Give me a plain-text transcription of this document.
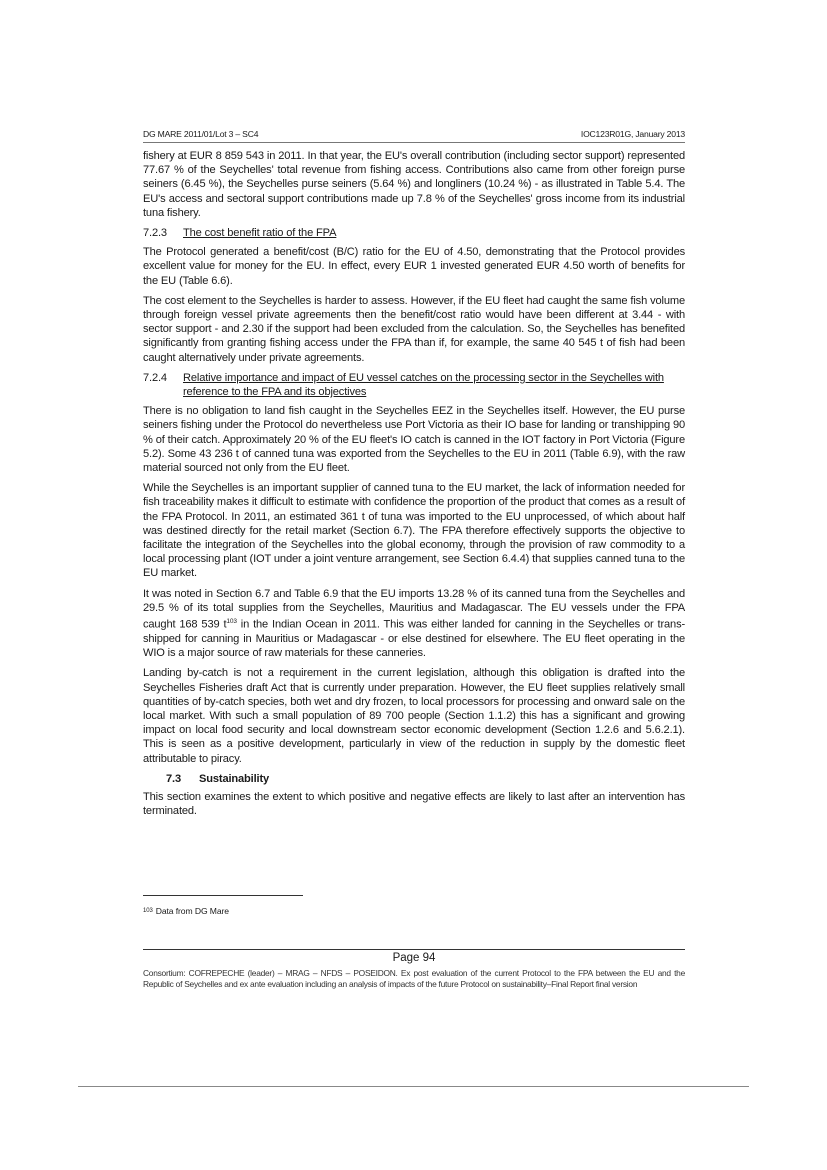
DG MARE 2011/01/Lot 3 – SC4	IOC123R01G, January 2013

fishery at EUR 8 859 543 in 2011. In that year, the EU's overall contribution (including sector support) represented 77.67 % of the Seychelles' total revenue from fishing access. Contributions also came from other foreign purse seiners (6.45 %), the Seychelles purse seiners (5.64 %) and longliners (10.24 %) - as illustrated in Table 5.4. The EU's access and sectoral support contributions made up 7.8 % of the Seychelles' gross income from its industrial tuna fishery.

7.2.3	The cost benefit ratio of the FPA

The Protocol generated a benefit/cost (B/C) ratio for the EU of 4.50, demonstrating that the Protocol provides excellent value for money for the EU. In effect, every EUR 1 invested generated EUR 4.50 worth of benefits for the EU (Table 6.6).

The cost element to the Seychelles is harder to assess. However, if the EU fleet had caught the same fish volume through foreign vessel private agreements then the benefit/cost ratio would have been different at 3.44 - with sector support - and 2.30 if the support had been excluded from the calculation. So, the Seychelles has benefited significantly from granting fishing access under the FPA than if, for example, the same 40 545 t of fish had been caught alternatively under private agreements.

7.2.4	Relative importance and impact of EU vessel catches on the processing sector in the Seychelles with reference to the FPA and its objectives

There is no obligation to land fish caught in the Seychelles EEZ in the Seychelles itself. However, the EU purse seiners fishing under the Protocol do nevertheless use Port Victoria as their IO base for landing or transhipping 90 % of their catch. Approximately 20 % of the EU fleet's IO catch is canned in the IOT factory in Port Victoria (Figure 5.2). Some 43 236 t of canned tuna was exported from the Seychelles to the EU in 2011 (Table 6.9), with the raw material sourced not only from the EU fleet.

While the Seychelles is an important supplier of canned tuna to the EU market, the lack of information needed for fish traceability makes it difficult to estimate with confidence the proportion of the product that comes as a result of the FPA Protocol. In 2011, an estimated 361 t of tuna was imported to the EU unprocessed, of which about half was destined directly for the retail market (Section 6.7). The FPA therefore effectively supports the objective to facilitate the integration of the Seychelles into the global economy, through the provision of raw commodity to a local processing plant (IOT under a joint venture arrangement, see Section 6.4.4) that supplies canned tuna to the EU market.

It was noted in Section 6.7 and Table 6.9 that the EU imports 13.28 % of its canned tuna from the Seychelles and 29.5 % of its total supplies from the Seychelles, Mauritius and Madagascar. The EU vessels under the FPA caught 168 539 $t^{103}$ in the Indian Ocean in 2011. This was either landed for canning in the Seychelles or trans-shipped for canning in Mauritius or Madagascar - or else destined for elsewhere. The EU fleet operating in the WIO is a major source of raw materials for these canneries.

Landing by-catch is not a requirement in the current legislation, although this obligation is drafted into the Seychelles Fisheries draft Act that is currently under preparation. However, the EU fleet supplies relatively small quantities of by-catch species, both wet and dry frozen, to local processors for processing and onward sale on the local market. With such a small population of 89 700 people (Section 1.1.2) this has a significant and growing impact on local food security and local downstream sector economic development (Section 1.2.6 and 5.6.2.1). This is seen as a positive development, particularly in view of the reduction in supply by the domestic fleet attributable to piracy.

7.3	Sustainability

This section examines the extent to which positive and negative effects are likely to last after an intervention has terminated.

$^{103}$ Data from DG Mare
Page 94
Consortium: COFREPECHE (leader) – MRAG – NFDS – POSEIDON. Ex post evaluation of the current Protocol to the FPA between the EU and the Republic of Seychelles and ex ante evaluation including an analysis of impacts of the future Protocol on sustainability–Final Report final version
